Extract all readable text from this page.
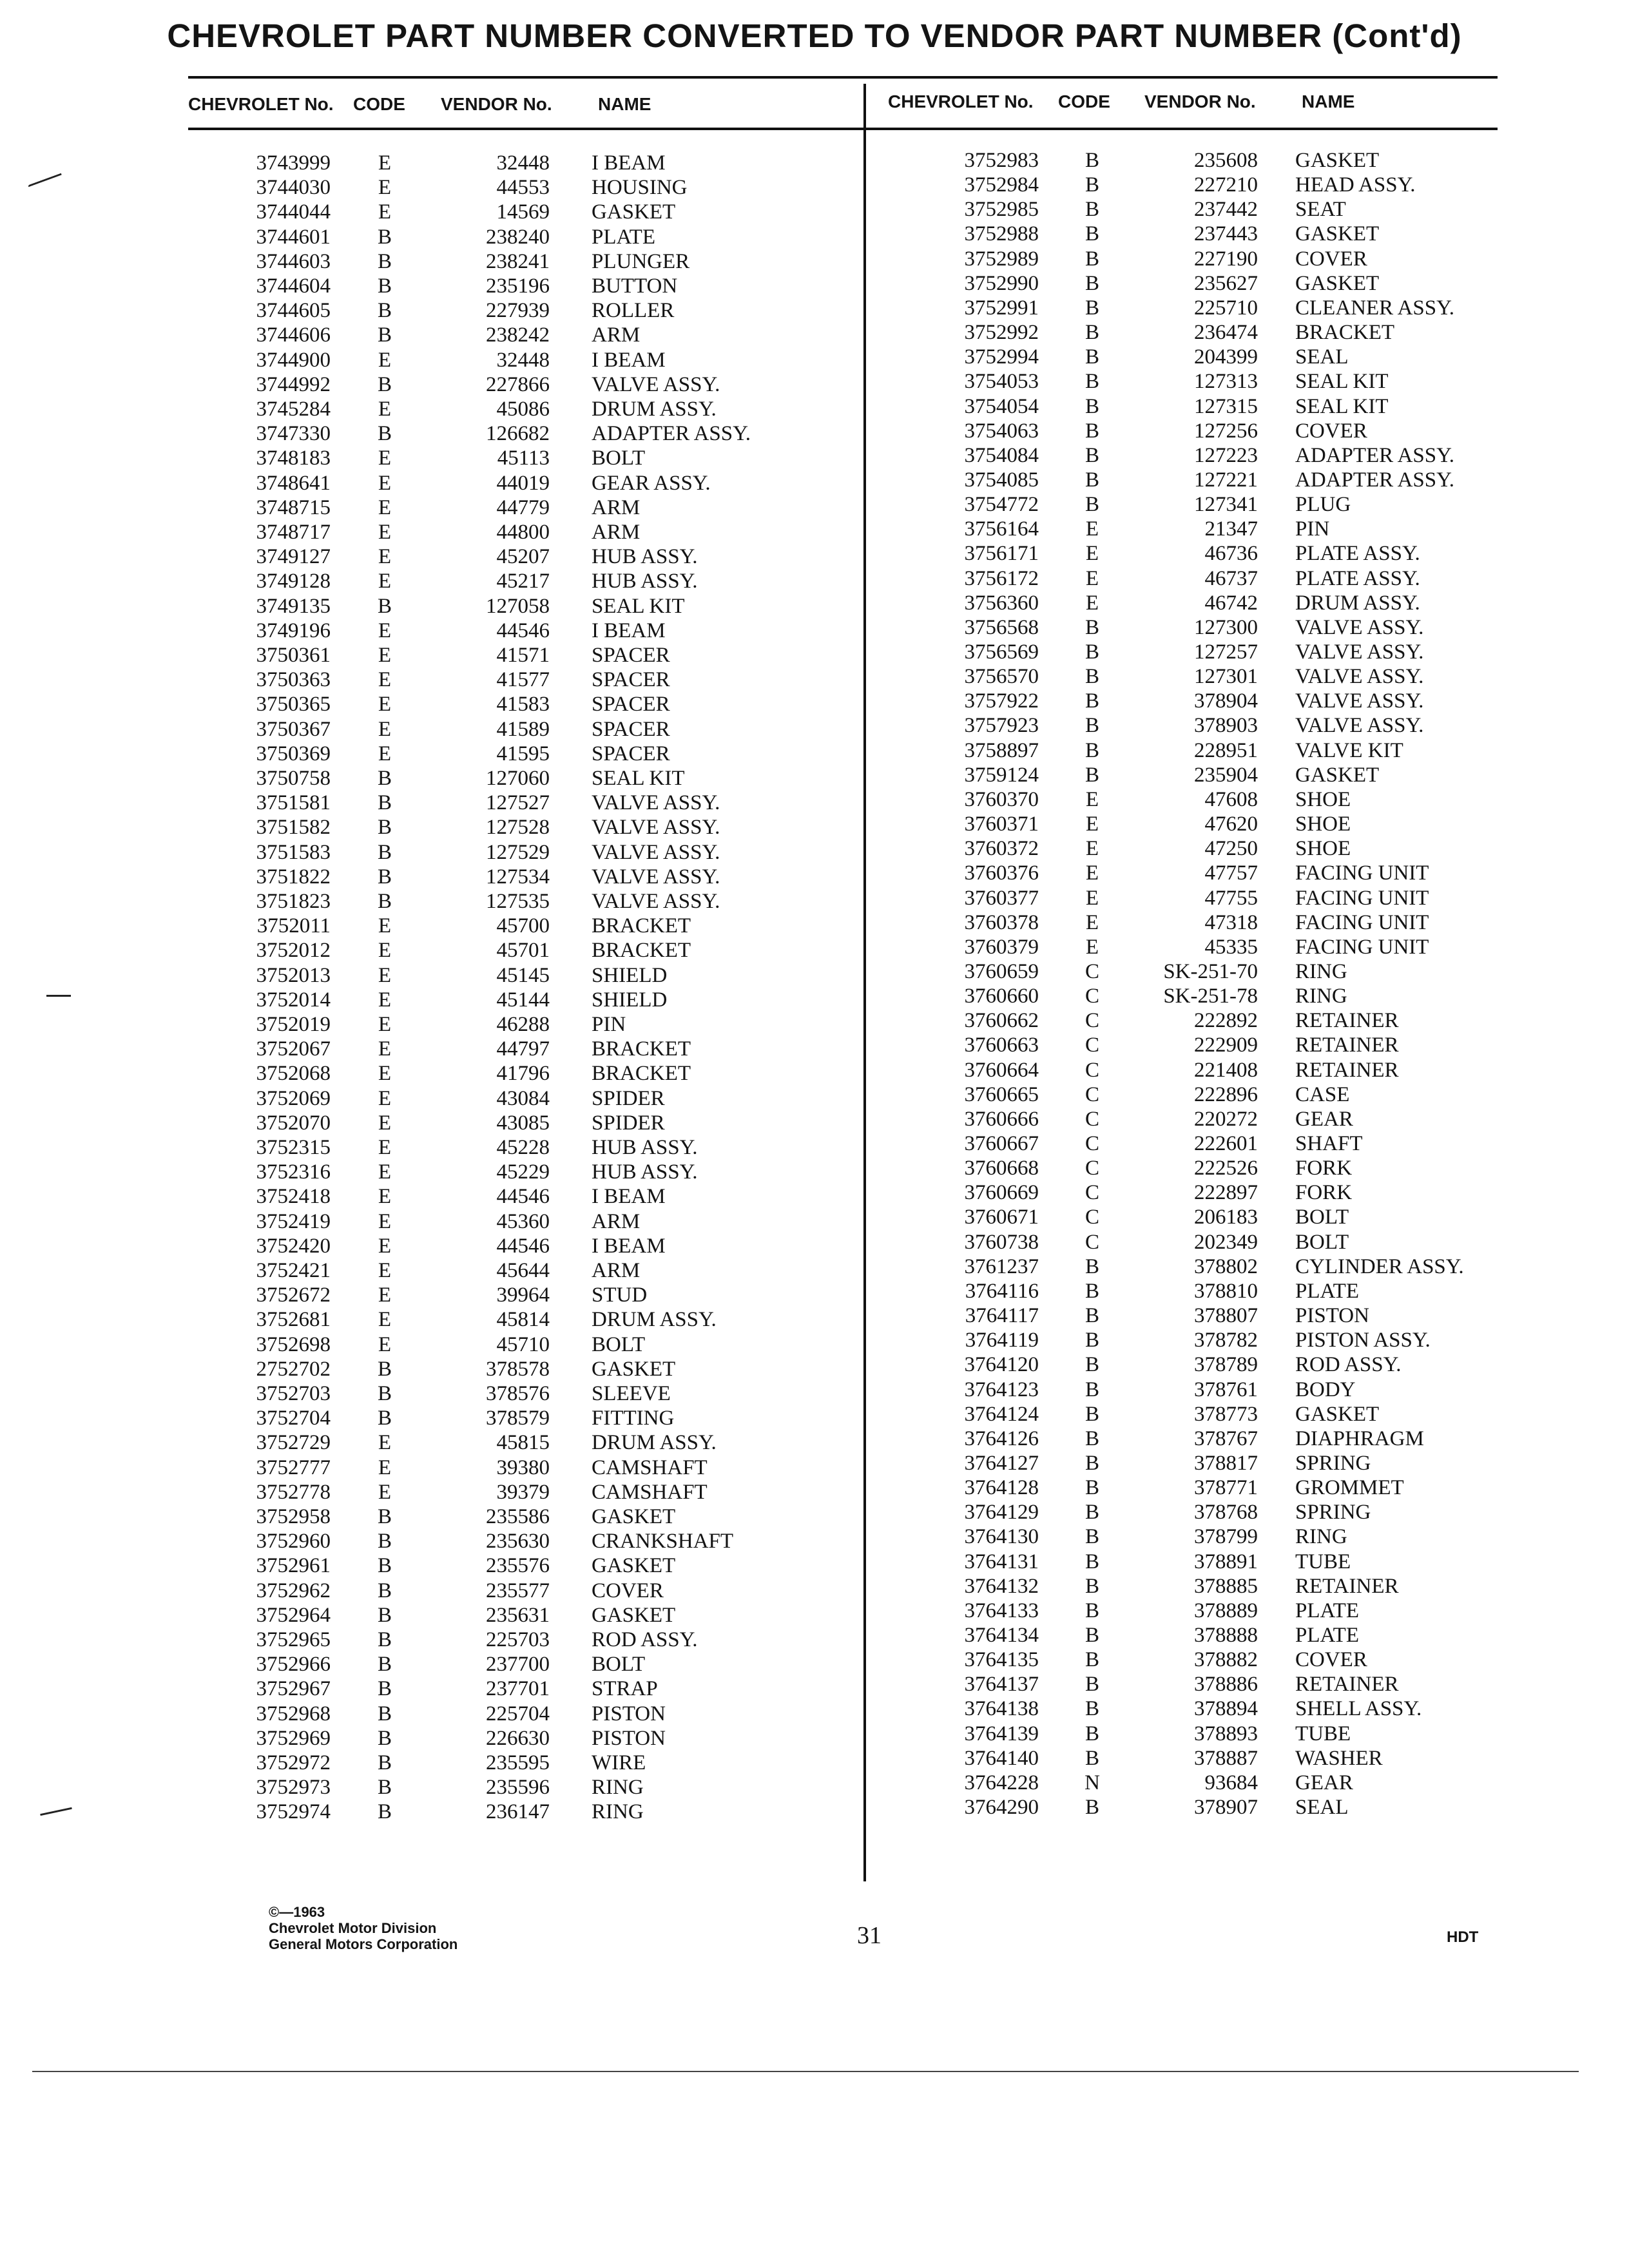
CHEVROLET PART NUMBER CONVERTED TO VENDOR PART NUMBER (Cont'd)
CHEVROLET No. CODE VENDOR No.	NAME	CHEVROLET No. CODE VENDOR No.	NAME
3743999	E	32448 I BEAM
3744030	E	44553 HOUSING
3744044	E	14569 GASKET
3744601	B	238240 PLATE
3744603	B	238241 PLUNGER
3744604	B	235196 BUTTON
3744605	B	227939 ROLLER
3744606	B	238242 ARM
3744900	E	32448 I BEAM
3744992	B	227866 VALVE ASSY.
3745284	E	45086 DRUM ASSY.
3747330	B	126682 ADAPTER ASSY.
3748183	E	45113 BOLT
3748641	E	44019 GEAR ASSY.
3748715	E	44779 ARM
3748717	E	44800 ARM
3749127	E	45207 HUB ASSY.
3749128	E	45217 HUB ASSY.
3749135	B	127058 SEAL KIT
3749196	E	44546 I BEAM
3750361	E	41571 SPACER
3750363	E	41577 SPACER
3750365	E	41583 SPACER
3750367	E	41589 SPACER
3750369	E	41595 SPACER
3750758	B	127060 SEAL KIT
3751581	B	127527 VALVE ASSY.
3751582	B	127528 VALVE ASSY.
3751583	B	127529 VALVE ASSY.
3751822	B	127534 VALVE ASSY.
3751823	B	127535 VALVE ASSY.
3752011	E	45700 BRACKET
3752012	E	45701 BRACKET
3752013	E	45145 SHIELD
3752014	E	45144 SHIELD
3752019	E	46288 PIN
3752067	E	44797 BRACKET
3752068	E	41796 BRACKET
3752069	E	43084 SPIDER
3752070	E	43085 SPIDER
3752315	E	45228 HUB ASSY.
3752316	E	45229 HUB ASSY.
3752418	E	44546 I BEAM
3752419	E	45360 ARM
3752420	E	44546 I BEAM
3752421	E	45644 ARM
3752672	E	39964 STUD
3752681	E	45814 DRUM ASSY.
3752698	E	45710 BOLT
2752702	B	378578 GASKET
3752703	B	378576 SLEEVE
3752704	B	378579 FITTING
3752729	E	45815 DRUM ASSY.
3752777	E	39380 CAMSHAFT
3752778	E	39379 CAMSHAFT
3752958	B	235586 GASKET
3752960	B	235630 CRANKSHAFT
3752961	B	235576 GASKET
3752962	B	235577 COVER
3752964	B	235631 GASKET
3752965	B	225703 ROD ASSY.
3752966	B	237700 BOLT
3752967	B	237701 STRAP
3752968	B	225704 PISTON
3752969	B	226630 PISTON
3752972	B	235595 WIRE
3752973	B	235596 RING
3752974	B	236147 RING
3752983	B	235608 GASKET
3752984	B	227210 HEAD ASSY.
3752985	B	237442 SEAT
3752988	B	237443 GASKET
3752989	B	227190 COVER
3752990	B	235627 GASKET
3752991	B	225710 CLEANER ASSY.
3752992	B	236474 BRACKET
3752994	B	204399 SEAL
3754053	B	127313 SEAL KIT
3754054	B	127315 SEAL KIT
3754063	B	127256 COVER
3754084	B	127223 ADAPTER ASSY.
3754085	B	127221 ADAPTER ASSY.
3754772	B	127341 PLUG
3756164	E	21347 PIN
3756171	E	46736 PLATE ASSY.
3756172	E	46737 PLATE ASSY.
3756360	E	46742 DRUM ASSY.
3756568	B	127300 VALVE ASSY.
3756569	B	127257 VALVE ASSY.
3756570	B	127301 VALVE ASSY.
3757922	B	378904 VALVE ASSY.
3757923	B	378903 VALVE ASSY.
3758897	B	228951 VALVE KIT
3759124	B	235904 GASKET
3760370	E	47608 SHOE
3760371	E	47620 SHOE
3760372	E	47250 SHOE
3760376	E	47757 FACING UNIT
3760377	E	47755 FACING UNIT
3760378	E	47318 FACING UNIT
3760379	E	45335 FACING UNIT
3760659	C	SK-251-70 RING
3760660	C	SK-251-78 RING
3760662	C	222892 RETAINER
3760663	C	222909 RETAINER
3760664	C	221408 RETAINER
3760665	C	222896 CASE
3760666	C	220272 GEAR
3760667	C	222601 SHAFT
3760668	C	222526 FORK
3760669	C	222897 FORK
3760671	C	206183 BOLT
3760738	C	202349 BOLT
3761237	B	378802 CYLINDER ASSY.
3764116	B	378810 PLATE
3764117	B	378807 PISTON
3764119	B	378782 PISTON ASSY.
3764120	B	378789 ROD ASSY.
3764123	B	378761 BODY
3764124	B	378773 GASKET
3764126	B	378767 DIAPHRAGM
3764127	B	378817 SPRING
3764128	B	378771 GROMMET
3764129	B	378768 SPRING
3764130	B	378799 RING
3764131	B	378891 TUBE
3764132	B	378885 RETAINER
3764133	B	378889 PLATE
3764134	B	378888 PLATE
3764135	B	378882 COVER
3764137	B	378886 RETAINER
3764138	B	378894 SHELL ASSY.
3764139	B	378893 TUBE
3764140	B	378887 WASHER
3764228	N	93684 GEAR
3764290	B	378907 SEAL
©—1963
Chevrolet Motor Division
General Motors Corporation	31	HDT
